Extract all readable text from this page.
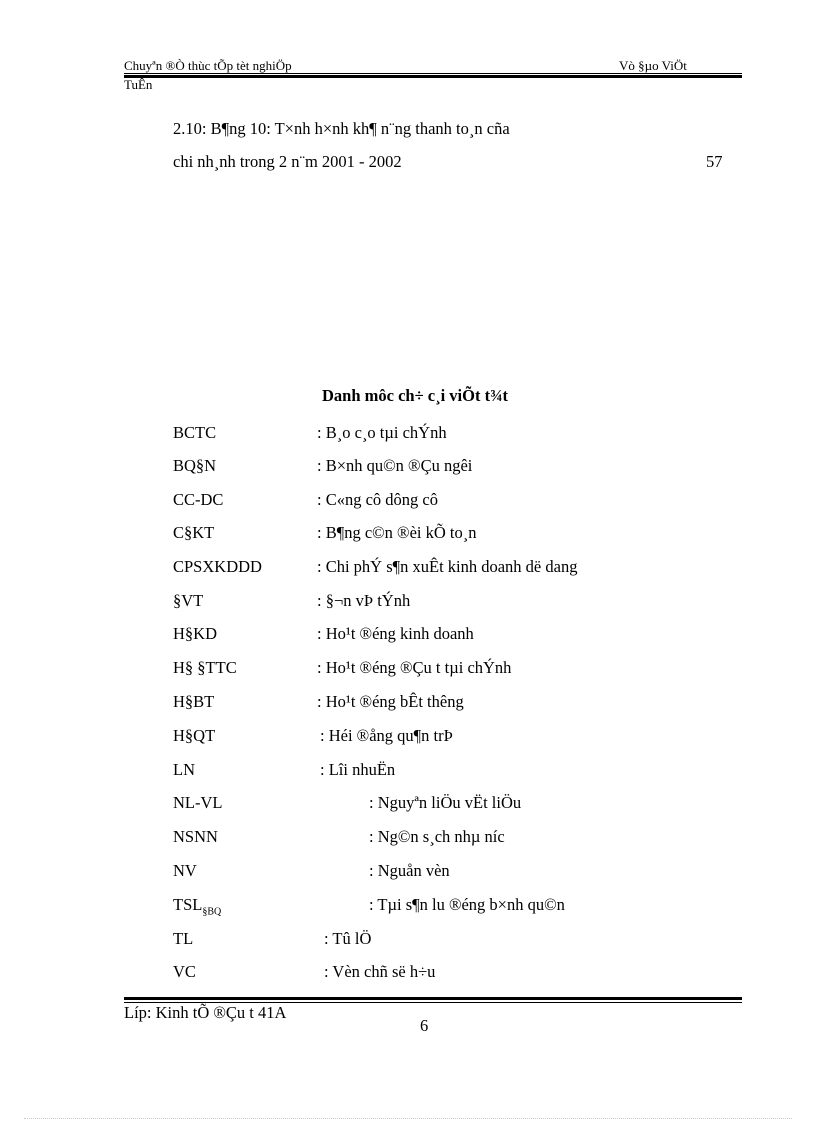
Chuyªn ®Ò thùc tÕp tèt nghiÖp	Vò §µo ViÖt
TuÊn
2.10: B¶ng 10: T×nh h×nh kh¶ n¨ng thanh to¸n cña
chi nh¸nh trong 2 n¨m 2001 - 2002	57
Danh môc ch÷ c¸i viÕt t¾t
BCTC	: B¸o c¸o tµi chÝnh
BQ§N	: B×nh qu©n ®Çu ngêi
CC-DC	: C«ng cô dông cô
C§KT	: B¶ng c©n ®èi kÕ to¸n
CPSXKDDD	: Chi phÝ s¶n xuÊt kinh doanh dë dang
§VT	: §¬n vÞ tÝnh
H§KD	: Ho¹t ®éng kinh doanh
H§ §TTC	: Ho¹t ®éng ®Çu t tµi chÝnh
H§BT	: Ho¹t ®éng bÊt thêng
H§QT	: Héi ®ång qu¶n trÞ
LN	: Lîi nhuËn
NL-VL	: Nguyªn liÖu vËt liÖu
NSNN	: Ng©n s¸ch nhµ níc
NV	: Nguån vèn
$TSL_{\S BQ}$	: Tµi s¶n lu ®éng b×nh qu©n
TL	: Tû lÖ
VC	: Vèn chñ së h÷u
Líp: Kinh tÕ ®Çu t 41A
6
